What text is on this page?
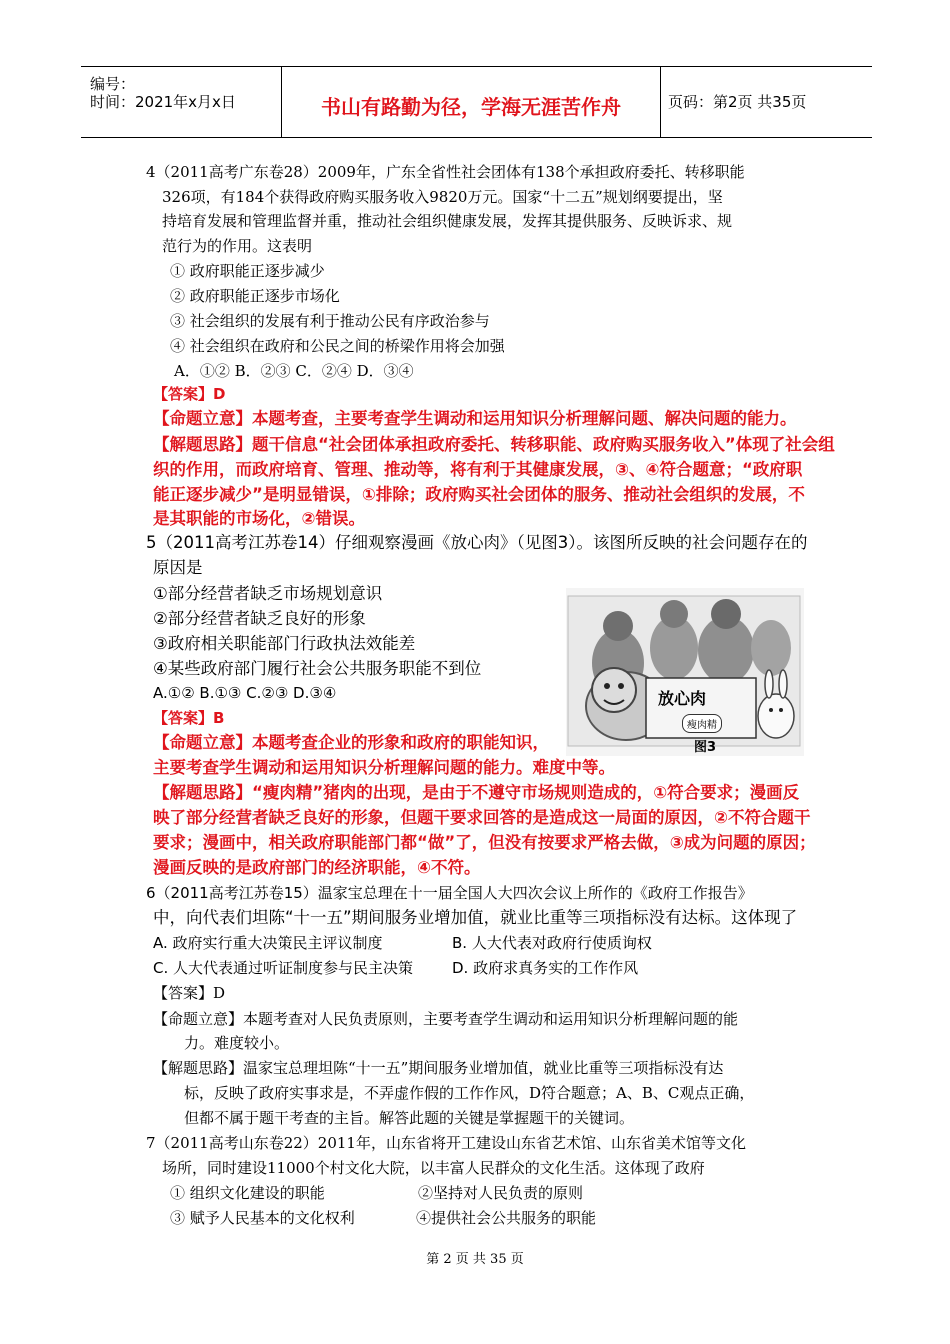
编号：
时间：2021年x月x日	书山有路勤为径，学海无涯苦作舟	页码：第2页 共35页
4（2011高考广东卷28）2009年，广东全省性社会团体有138个承担政府委托、转移职能
326项，有184个获得政府购买服务收入9820万元。国家“十二五”规划纲要提出，坚
持培育发展和管理监督并重，推动社会组织健康发展，发挥其提供服务、反映诉求、规
范行为的作用。这表明
① 政府职能正逐步减少
② 政府职能正逐步市场化
③ 社会组织的发展有利于推动公民有序政治参与
④ 社会组织在政府和公民之间的桥梁作用将会加强
A．①② B．②③ C．②④ D．③④
【答案】D
【命题立意】本题考查，主要考查学生调动和运用知识分析理解问题、解决问题的能力。
【解题思路】题干信息“社会团体承担政府委托、转移职能、政府购买服务收入”体现了社会组
织的作用，而政府培育、管理、推动等，将有利于其健康发展，③、④符合题意；“政府职
能正逐步减少”是明显错误，①排除；政府购买社会团体的服务、推动社会组织的发展，不
是其职能的市场化，②错误。
5（2011高考江苏卷14）仔细观察漫画《放心肉》（见图3）。该图所反映的社会问题存在的
原因是
①部分经营者缺乏市场规划意识
②部分经营者缺乏良好的形象
③政府相关职能部门行政执法效能差
④某些政府部门履行社会公共服务职能不到位
A.①② B.①③ C.②③ D.③④	放心肉
瘦肉精
图3
【答案】B
【命题立意】本题考查企业的形象和政府的职能知识，
主要考查学生调动和运用知识分析理解问题的能力。难度中等。
【解题思路】“瘦肉精”猪肉的出现，是由于不遵守市场规则造成的，①符合要求；漫画反
映了部分经营者缺乏良好的形象，但题干要求回答的是造成这一局面的原因，②不符合题干
要求；漫画中，相关政府职能部门都“做”了，但没有按要求严格去做，③成为问题的原因；
漫画反映的是政府部门的经济职能，④不符。
6（2011高考江苏卷15）温家宝总理在十一届全国人大四次会议上所作的《政府工作报告》
中，向代表们坦陈“十一五”期间服务业增加值，就业比重等三项指标没有达标。这体现了
A. 政府实行重大决策民主评议制度	B. 人大代表对政府行使质询权
C. 人大代表通过听证制度参与民主决策	D. 政府求真务实的工作作风
【答案】D
【命题立意】本题考查对人民负责原则，主要考查学生调动和运用知识分析理解问题的能
力。难度较小。
【解题思路】温家宝总理坦陈“十一五”期间服务业增加值，就业比重等三项指标没有达
标，反映了政府实事求是，不弄虚作假的工作作风，D符合题意；A、B、C观点正确，
但都不属于题干考查的主旨。解答此题的关键是掌握题干的关键词。
7（2011高考山东卷22）2011年，山东省将开工建设山东省艺术馆、山东省美术馆等文化
场所，同时建设11000个村文化大院，以丰富人民群众的文化生活。这体现了政府
① 组织文化建设的职能	②坚持对人民负责的原则
③ 赋予人民基本的文化权利	④提供社会公共服务的职能
第 2 页 共 35 页
